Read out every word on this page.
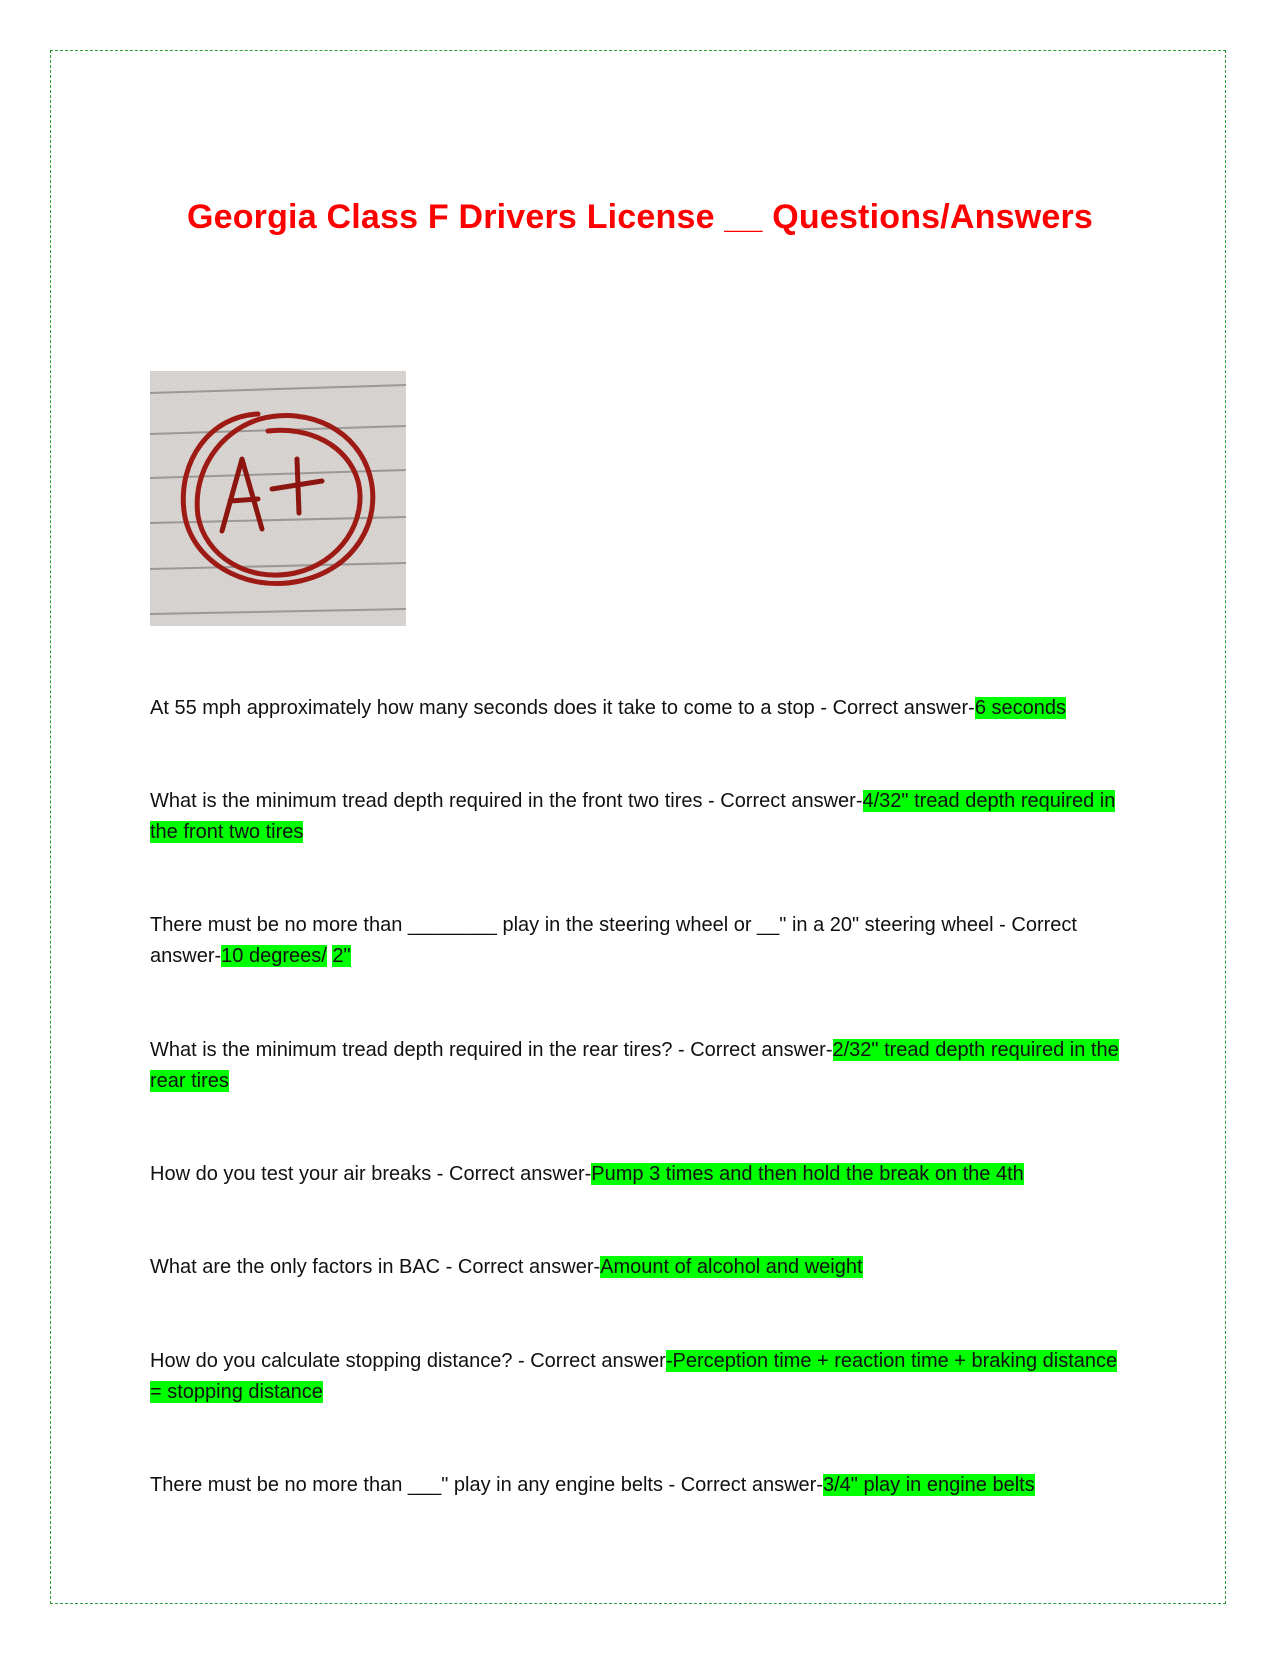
Georgia Class F Drivers License __ Questions/Answers

At 55 mph approximately how many seconds does it take to come to a stop - Correct answer-6 seconds

What is the minimum tread depth required in the front two tires - Correct answer-4/32" tread depth required in the front two tires

There must be no more than ________ play in the steering wheel or __" in a 20" steering wheel - Correct answer-10 degrees/ 2"

What is the minimum tread depth required in the rear tires? - Correct answer-2/32" tread depth required in the rear tires

How do you test your air breaks - Correct answer-Pump 3 times and then hold the break on the 4th

What are the only factors in BAC - Correct answer-Amount of alcohol and weight

How do you calculate stopping distance? - Correct answer-Perception time + reaction time + braking distance = stopping distance

There must be no more than ___" play in any engine belts - Correct answer-3/4" play in engine belts
